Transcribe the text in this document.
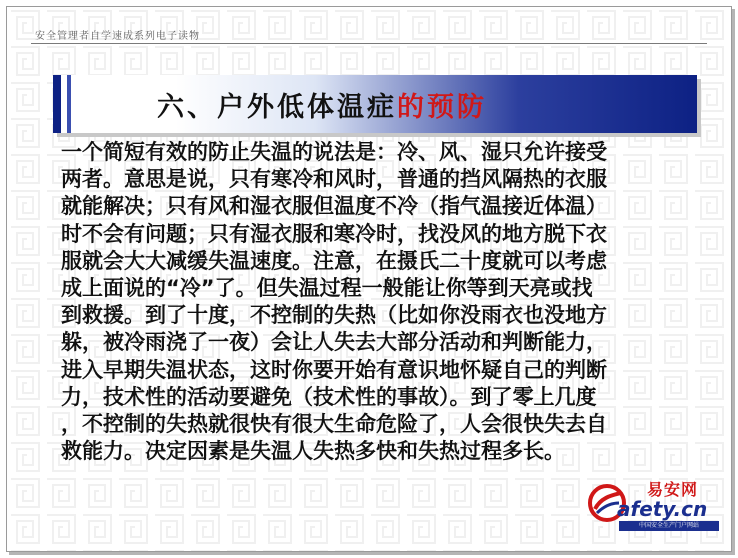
安全管理者自学速成系列电子读物
六、户外低体温症的预防
一个简短有效的防止失温的说法是：冷、风、湿只允许接受
两者。意思是说，只有寒冷和风时，普通的挡风隔热的衣服
就能解决；只有风和湿衣服但温度不冷（指气温接近体温）
时不会有问题；只有湿衣服和寒冷时，找没风的地方脱下衣
服就会大大减缓失温速度。注意，在摄氏二十度就可以考虑
成上面说的“冷”了。但失温过程一般能让你等到天亮或找
到救援。到了十度，不控制的失热（比如你没雨衣也没地方
躲，被冷雨浇了一夜）会让人失去大部分活动和判断能力，
进入早期失温状态，这时你要开始有意识地怀疑自己的判断
力，技术性的活动要避免（技术性的事故）。到了零上几度
，不控制的失热就很快有很大生命危险了，人会很快失去自
救能力。决定因素是失温人失热多快和失热过程多长。
易安网
afety.cn
中国安全生产门户网站
